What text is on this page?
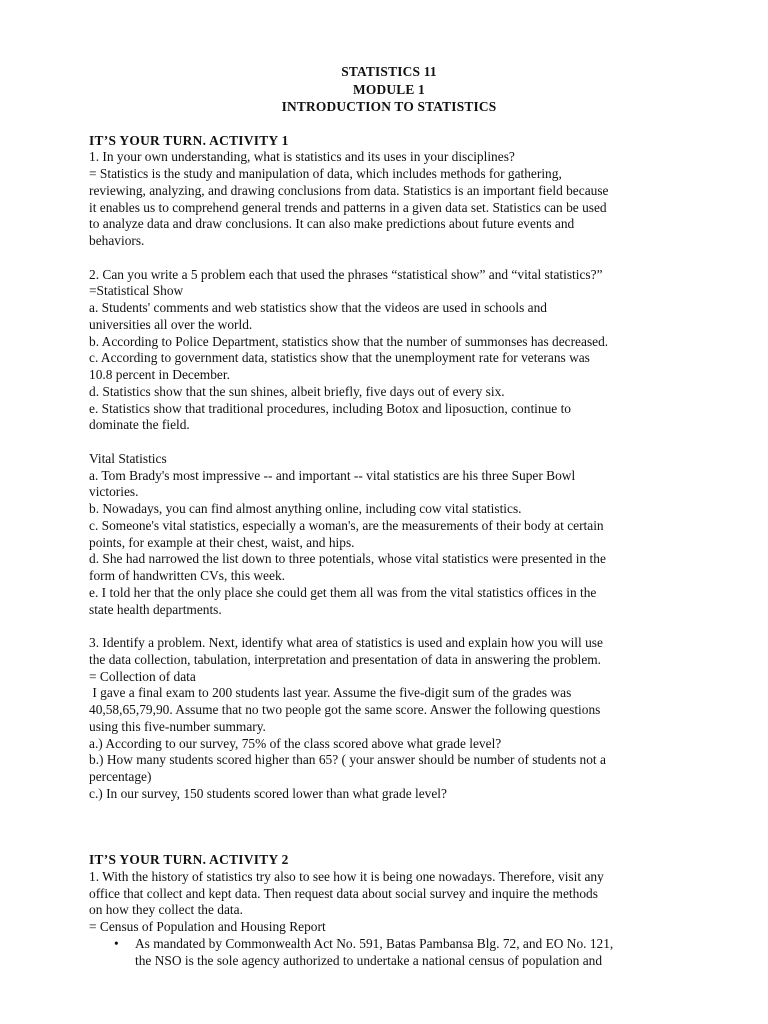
STATISTICS 11
MODULE 1
INTRODUCTION TO STATISTICS
IT’S YOUR TURN. ACTIVITY 1
1. In your own understanding, what is statistics and its uses in your disciplines?
= Statistics is the study and manipulation of data, which includes methods for gathering,
reviewing, analyzing, and drawing conclusions from data. Statistics is an important field because
it enables us to comprehend general trends and patterns in a given data set. Statistics can be used
to analyze data and draw conclusions. It can also make predictions about future events and
behaviors.
2. Can you write a 5 problem each that used the phrases “statistical show” and “vital statistics?”
=Statistical Show
a. Students' comments and web statistics show that the videos are used in schools and
universities all over the world.
b. According to Police Department, statistics show that the number of summonses has decreased.
c. According to government data, statistics show that the unemployment rate for veterans was
10.8 percent in December.
d. Statistics show that the sun shines, albeit briefly, five days out of every six.
e. Statistics show that traditional procedures, including Botox and liposuction, continue to
dominate the field.
Vital Statistics
a. Tom Brady's most impressive -- and important -- vital statistics are his three Super Bowl
victories.
b. Nowadays, you can find almost anything online, including cow vital statistics.
c. Someone's vital statistics, especially a woman's, are the measurements of their body at certain
points, for example at their chest, waist, and hips.
d. She had narrowed the list down to three potentials, whose vital statistics were presented in the
form of handwritten CVs, this week.
e. I told her that the only place she could get them all was from the vital statistics offices in the
state health departments.
3. Identify a problem. Next, identify what area of statistics is used and explain how you will use
the data collection, tabulation, interpretation and presentation of data in answering the problem.
= Collection of data
I gave a final exam to 200 students last year. Assume the five-digit sum of the grades was
40,58,65,79,90. Assume that no two people got the same score. Answer the following questions
using this five-number summary.
a.) According to our survey, 75% of the class scored above what grade level?
b.) How many students scored higher than 65? ( your answer should be number of students not a
percentage)
c.) In our survey, 150 students scored lower than what grade level?
IT’S YOUR TURN. ACTIVITY 2
1. With the history of statistics try also to see how it is being one nowadays. Therefore, visit any
office that collect and kept data. Then request data about social survey and inquire the methods
on how they collect the data.
= Census of Population and Housing Report
• As mandated by Commonwealth Act No. 591, Batas Pambansa Blg. 72, and EO No. 121,
the NSO is the sole agency authorized to undertake a national census of population and
